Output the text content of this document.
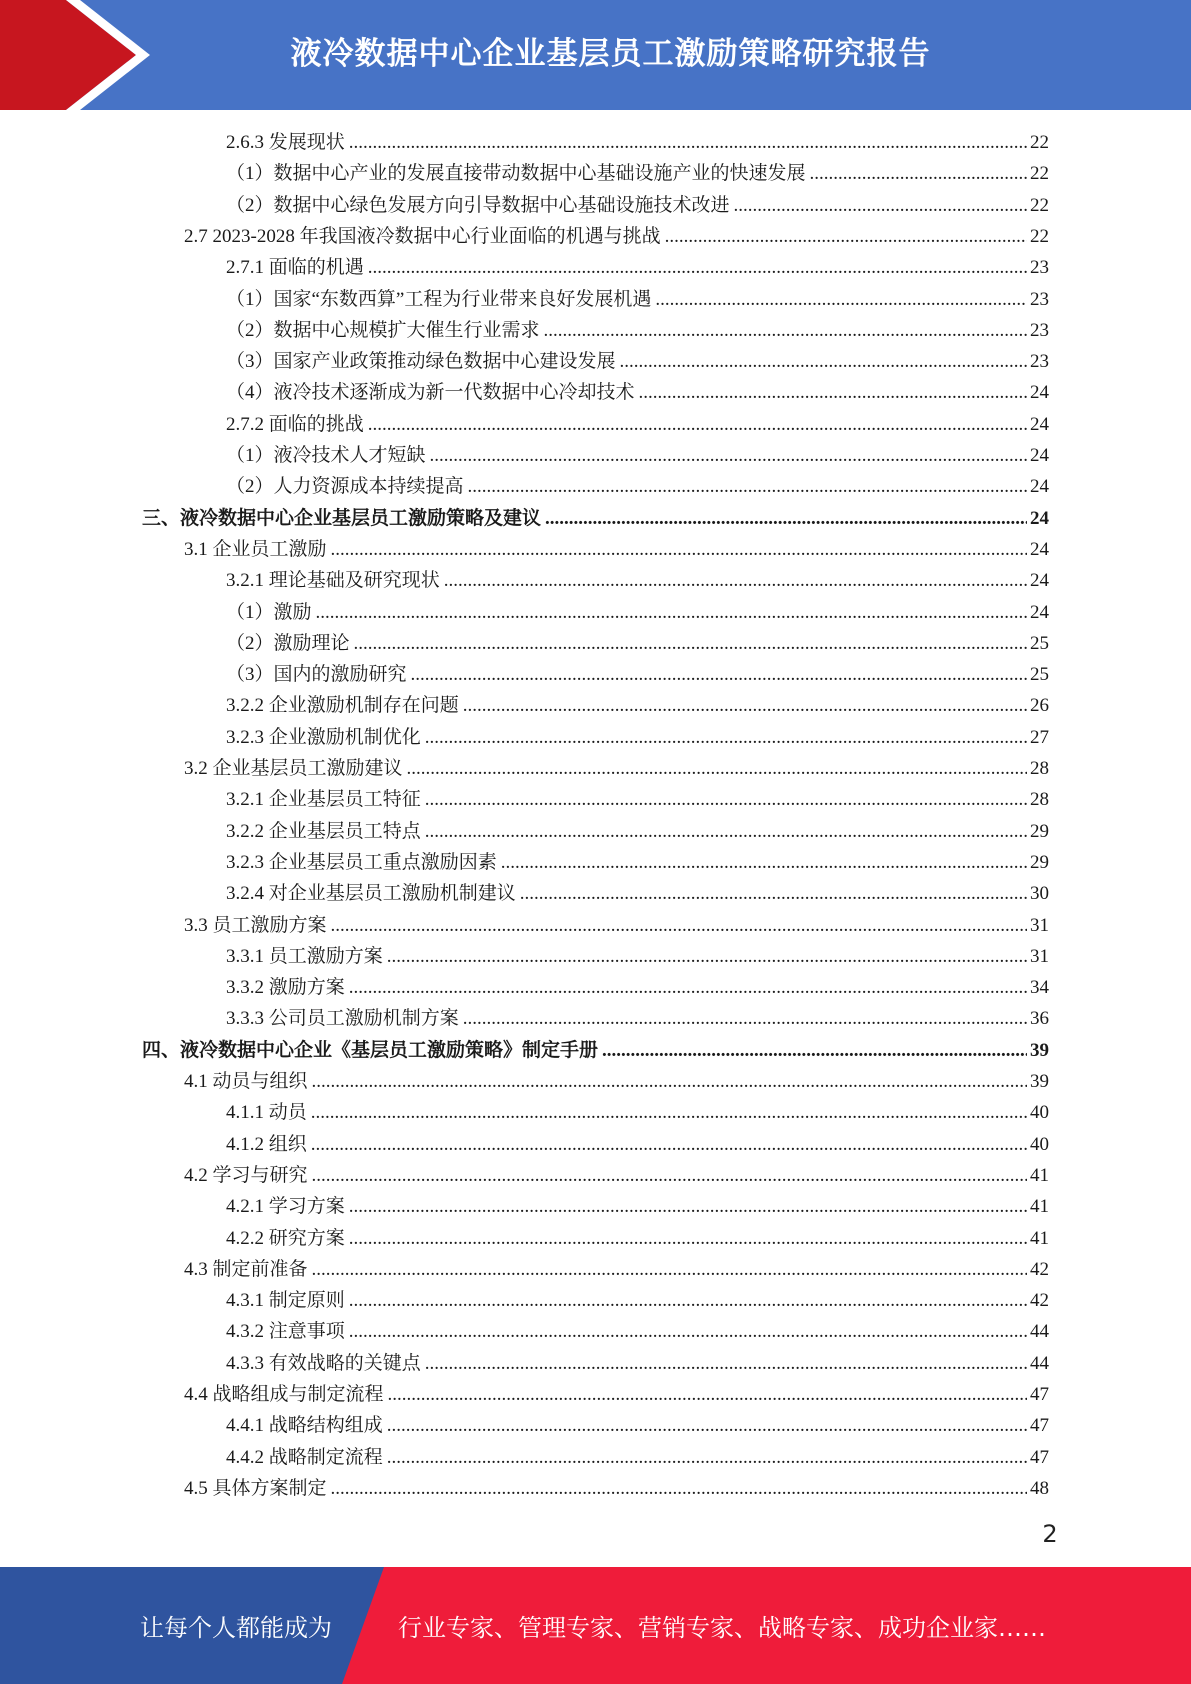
液冷数据中心企业基层员工激励策略研究报告
2.6.3 发展现状 .....	22
（1）数据中心产业的发展直接带动数据中心基础设施产业的快速发展 .....	22
（2）数据中心绿色发展方向引导数据中心基础设施技术改进 .....	22
2.7 2023-2028 年我国液冷数据中心行业面临的机遇与挑战 .....	22
2.7.1 面临的机遇 .....	23
（1）国家“东数西算”工程为行业带来良好发展机遇 .....	23
（2）数据中心规模扩大催生行业需求 .....	23
（3）国家产业政策推动绿色数据中心建设发展 .....	23
（4）液冷技术逐渐成为新一代数据中心冷却技术 .....	24
2.7.2 面临的挑战 .....	24
（1）液冷技术人才短缺 .....	24
（2）人力资源成本持续提高 .....	24
三、液冷数据中心企业基层员工激励策略及建议 .....	24
3.1 企业员工激励 .....	24
3.2.1 理论基础及研究现状 .....	24
（1）激励 .....	24
（2）激励理论 .....	25
（3）国内的激励研究 .....	25
3.2.2 企业激励机制存在问题 .....	26
3.2.3 企业激励机制优化 .....	27
3.2 企业基层员工激励建议 .....	28
3.2.1 企业基层员工特征 .....	28
3.2.2 企业基层员工特点 .....	29
3.2.3 企业基层员工重点激励因素 .....	29
3.2.4 对企业基层员工激励机制建议 .....	30
3.3 员工激励方案 .....	31
3.3.1 员工激励方案 .....	31
3.3.2 激励方案 .....	34
3.3.3 公司员工激励机制方案 .....	36
四、液冷数据中心企业《基层员工激励策略》制定手册 .....	39
4.1 动员与组织 .....	39
4.1.1 动员 .....	40
4.1.2 组织 .....	40
4.2 学习与研究 .....	41
4.2.1 学习方案 .....	41
4.2.2 研究方案 .....	41
4.3 制定前准备 .....	42
4.3.1 制定原则 .....	42
4.3.2 注意事项 .....	44
4.3.3 有效战略的关键点 .....	44
4.4 战略组成与制定流程 .....	47
4.4.1 战略结构组成 .....	47
4.4.2 战略制定流程 .....	47
4.5 具体方案制定 .....	48
2
让每个人都能成为	行业专家、管理专家、营销专家、战略专家、成功企业家……
